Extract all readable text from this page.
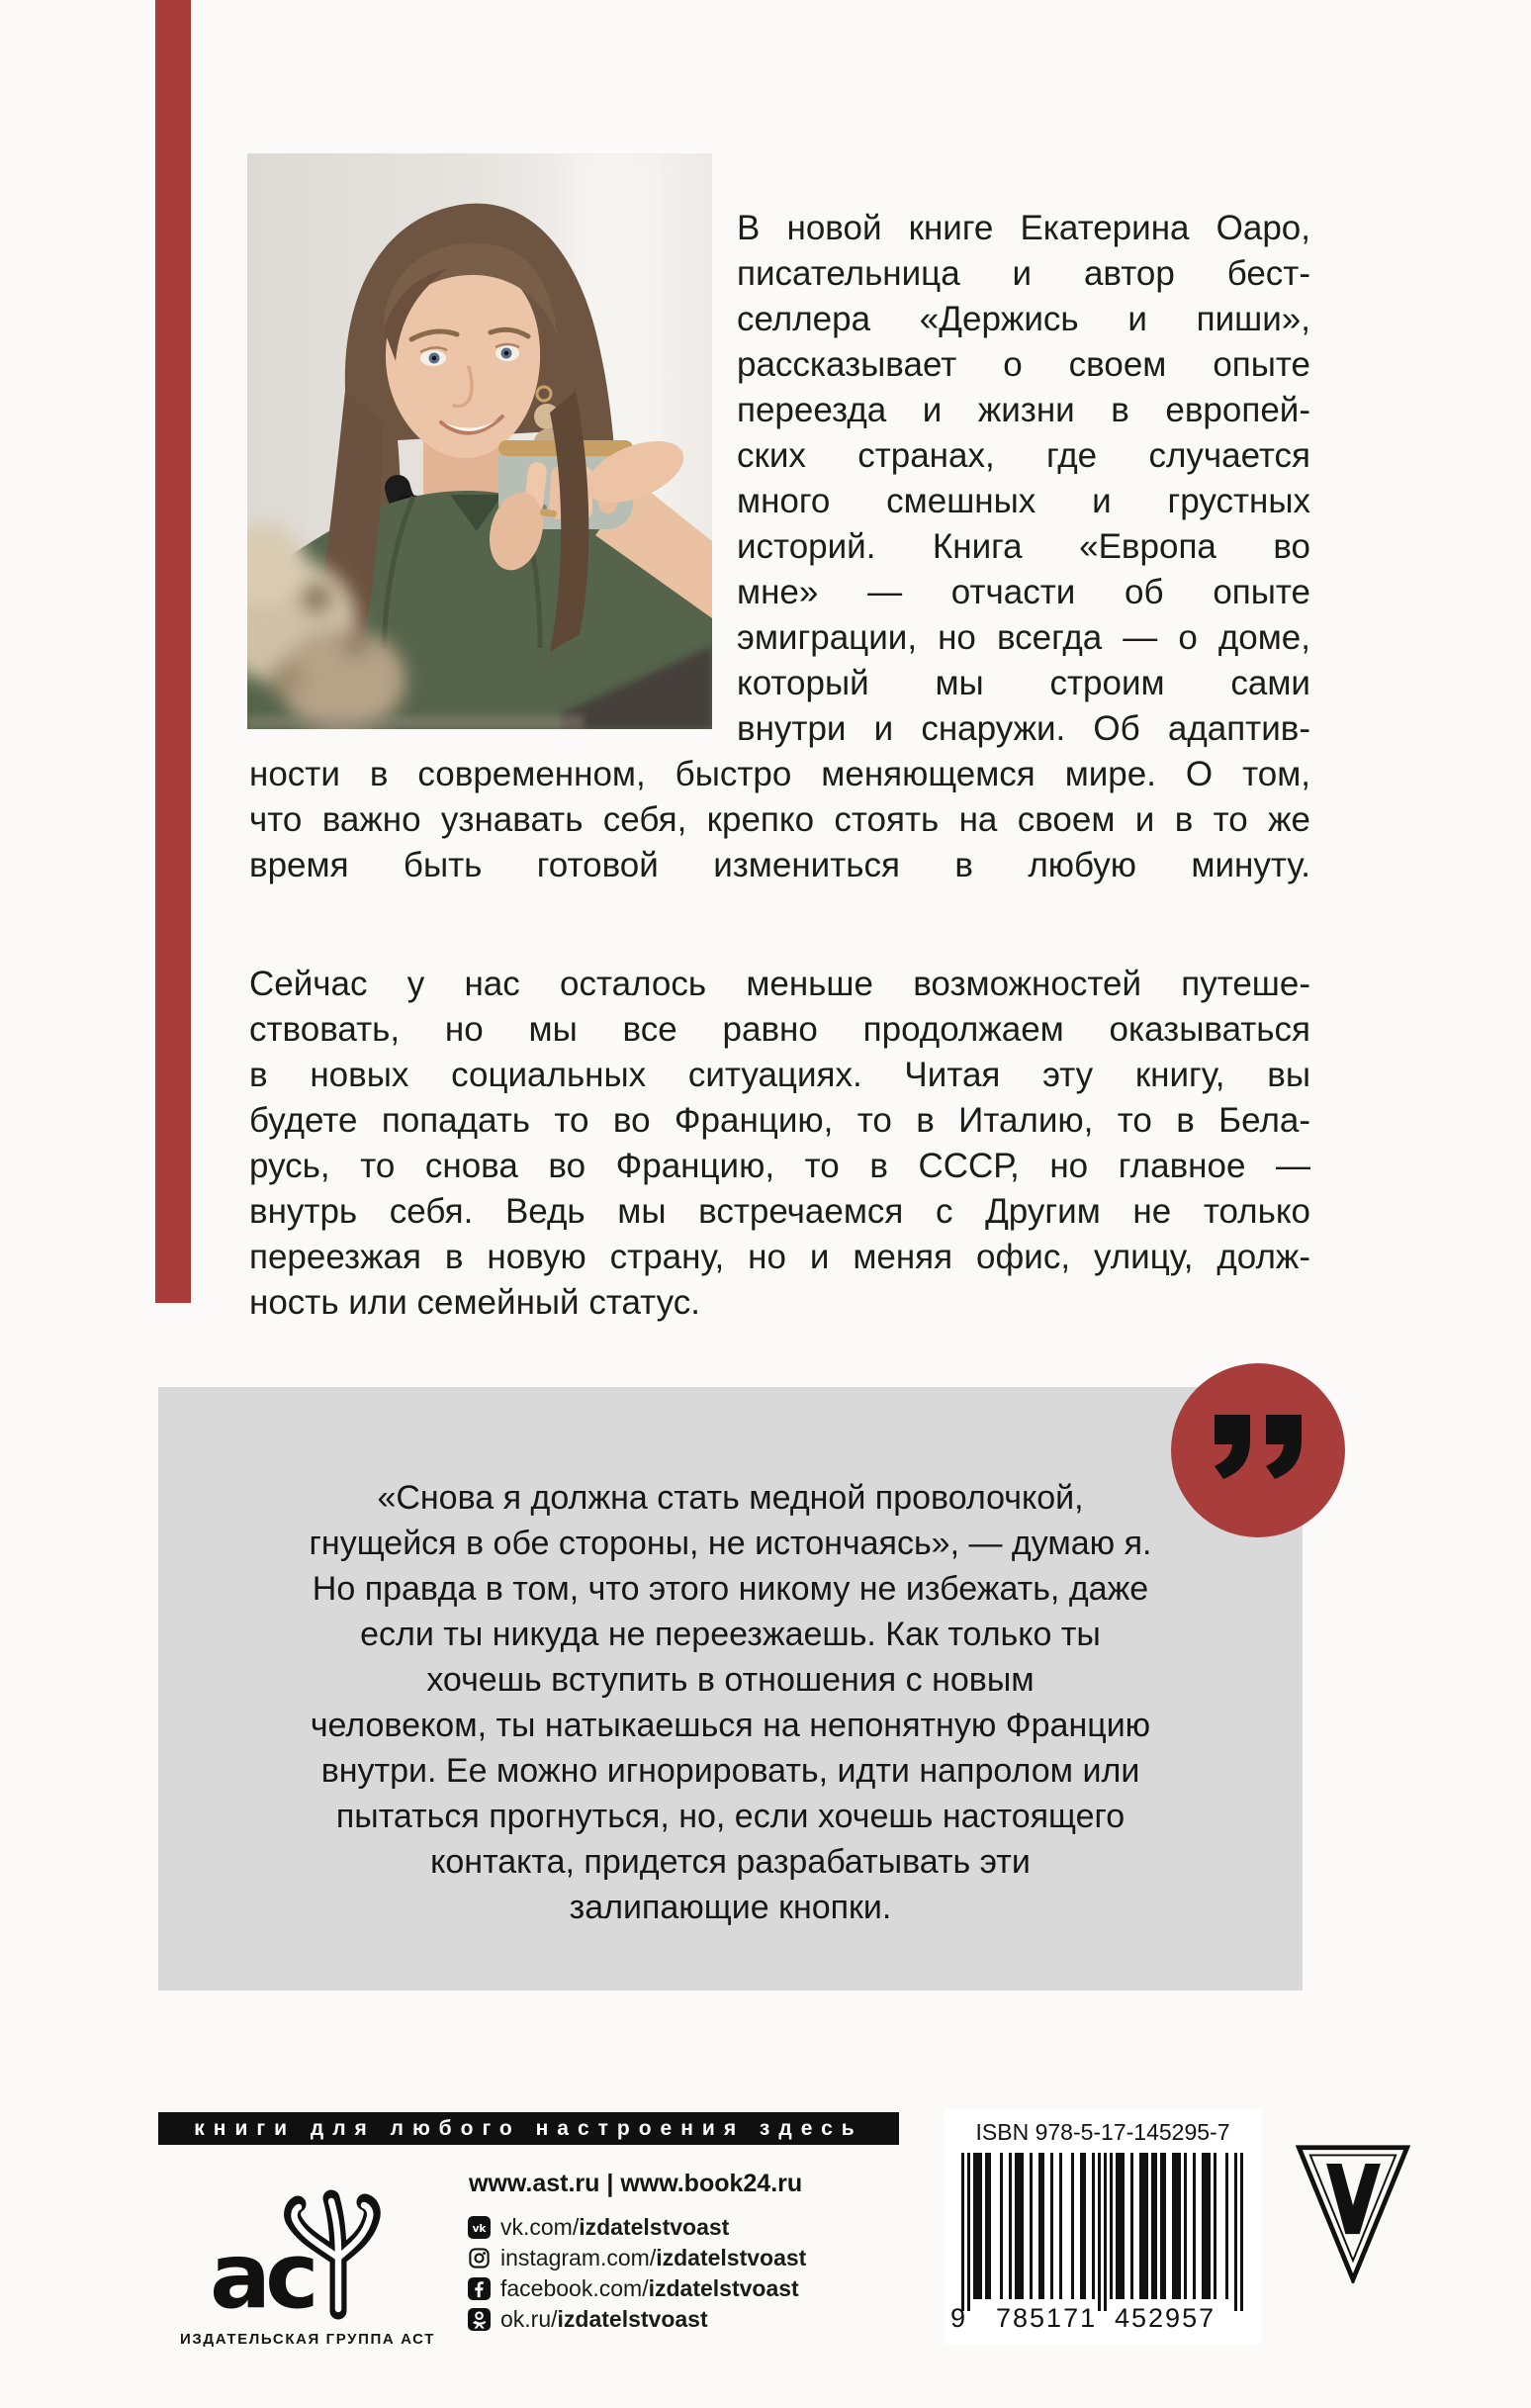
В новой книге Екатерина Оаро,
писательница и автор бест-
селлера «Держись и пиши»,
рассказывает о своем опыте
переезда и жизни в европей-
ских странах, где случается
много смешных и грустных
историй. Книга «Европа во
мне» — отчасти об опыте
эмиграции, но всегда — о доме,
который мы строим сами
внутри и снаружи. Об адаптив-
ности в современном, быстро меняющемся мире. О том,
что важно узнавать себя, крепко стоять на своем и в то же
время быть готовой измениться в любую минуту.
Сейчас у нас осталось меньше возможностей путеше-
ствовать, но мы все равно продолжаем оказываться
в новых социальных ситуациях. Читая эту книгу, вы
будете попадать то во Францию, то в Италию, то в Бела-
русь, то снова во Францию, то в СССР, но главное —
внутрь себя. Ведь мы встречаемся с Другим не только
переезжая в новую страну, но и меняя офис, улицу, долж-
ность или семейный статус.
«Снова я должна стать медной проволочкой,
гнущейся в обе стороны, не истончаясь», — думаю я.
Но правда в том, что этого никому не избежать, даже
если ты никуда не переезжаешь. Как только ты
хочешь вступить в отношения с новым
человеком, ты натыкаешься на непонятную Францию
внутри. Ее можно игнорировать, идти напролом или
пытаться прогнуться, но, если хочешь настоящего
контакта, придется разрабатывать эти
залипающие кнопки.
книги для любого настроения здесь
ас
ИЗДАТЕЛЬСКАЯ ГРУППА АСТ
www.ast.ru | www.book24.ru
vk vk.com/izdatelstvoast
instagram.com/izdatelstvoast
facebook.com/izdatelstvoast
ok.ru/izdatelstvoast
ISBN 978-5-17-145295-7
9 785171 452957
